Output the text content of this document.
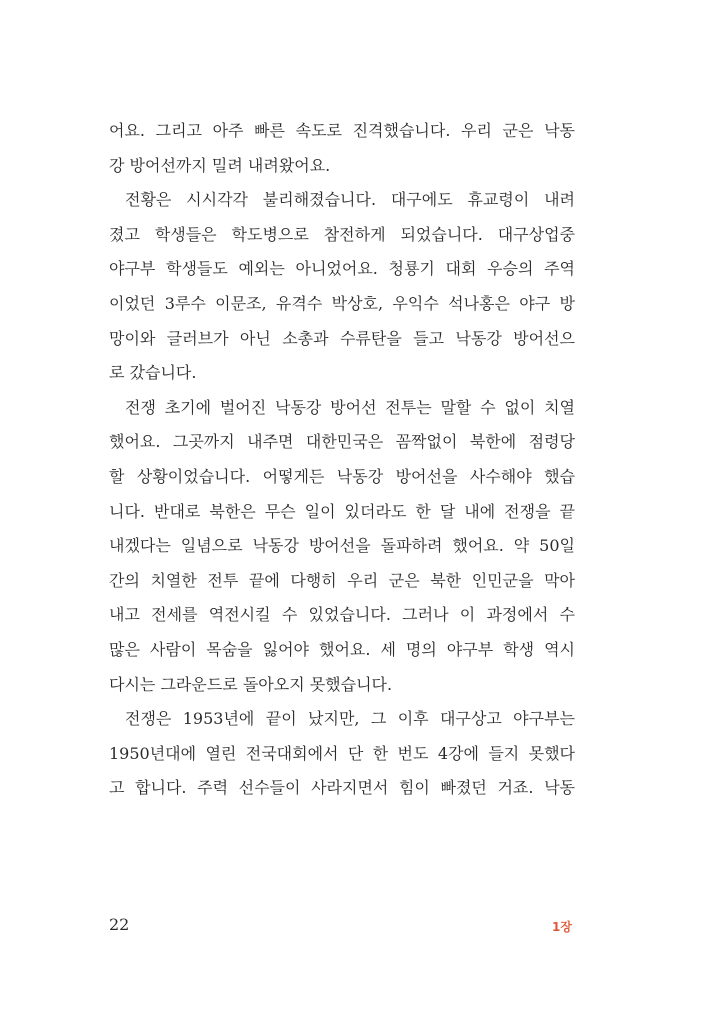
어요. 그리고 아주 빠른 속도로 진격했습니다. 우리 군은 낙동
강 방어선까지 밀려 내려왔어요.
전황은 시시각각 불리해졌습니다. 대구에도 휴교령이 내려
졌고 학생들은 학도병으로 참전하게 되었습니다. 대구상업중
야구부 학생들도 예외는 아니었어요. 청룡기 대회 우승의 주역
이었던 3루수 이문조, 유격수 박상호, 우익수 석나홍은 야구 방
망이와 글러브가 아닌 소총과 수류탄을 들고 낙동강 방어선으
로 갔습니다.
전쟁 초기에 벌어진 낙동강 방어선 전투는 말할 수 없이 치열
했어요. 그곳까지 내주면 대한민국은 꼼짝없이 북한에 점령당
할 상황이었습니다. 어떻게든 낙동강 방어선을 사수해야 했습
니다. 반대로 북한은 무슨 일이 있더라도 한 달 내에 전쟁을 끝
내겠다는 일념으로 낙동강 방어선을 돌파하려 했어요. 약 50일
간의 치열한 전투 끝에 다행히 우리 군은 북한 인민군을 막아
내고 전세를 역전시킬 수 있었습니다. 그러나 이 과정에서 수
많은 사람이 목숨을 잃어야 했어요. 세 명의 야구부 학생 역시
다시는 그라운드로 돌아오지 못했습니다.
전쟁은 1953년에 끝이 났지만, 그 이후 대구상고 야구부는
1950년대에 열린 전국대회에서 단 한 번도 4강에 들지 못했다
고 합니다. 주력 선수들이 사라지면서 힘이 빠졌던 거죠. 낙동
22	1장
